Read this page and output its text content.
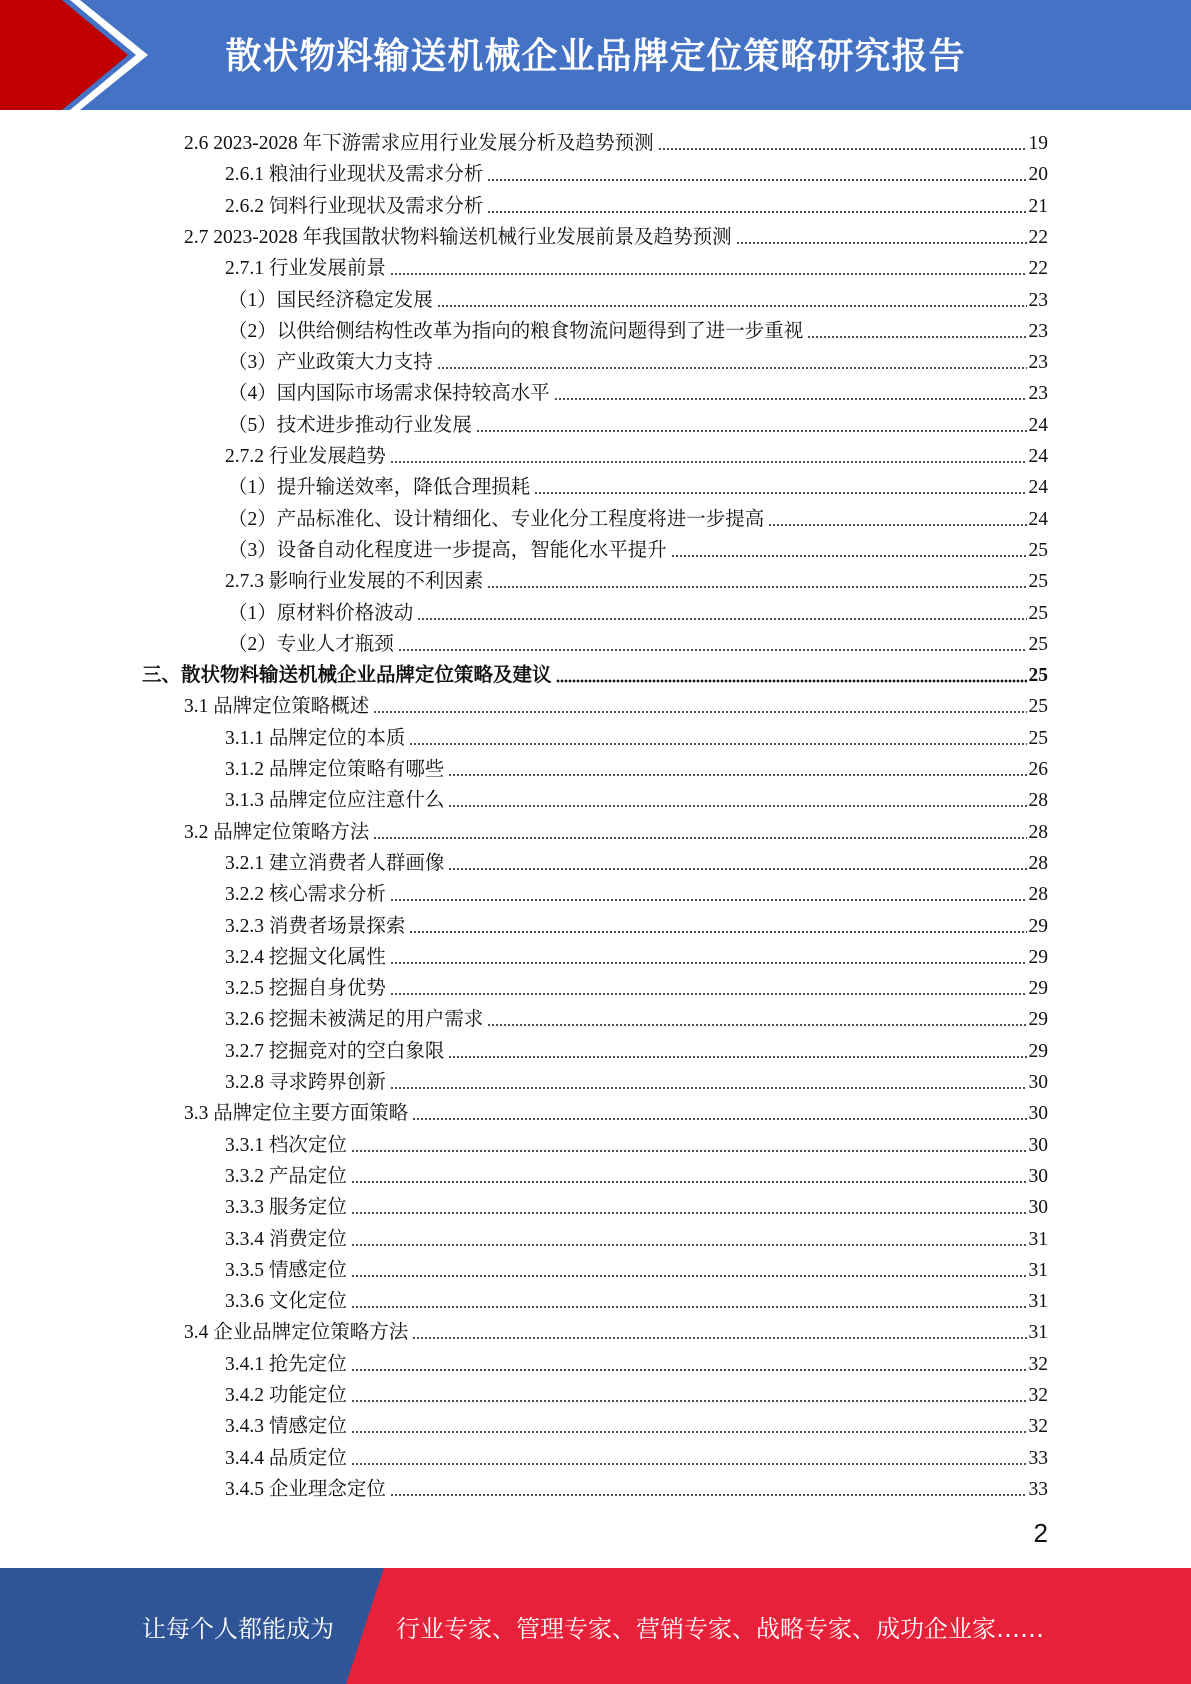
散状物料输送机械企业品牌定位策略研究报告
2.6 2023-2028 年下游需求应用行业发展分析及趋势预测	19
2.6.1 粮油行业现状及需求分析	20
2.6.2 饲料行业现状及需求分析	21
2.7 2023-2028 年我国散状物料输送机械行业发展前景及趋势预测	22
2.7.1 行业发展前景	22
（1）国民经济稳定发展	23
（2）以供给侧结构性改革为指向的粮食物流问题得到了进一步重视	23
（3）产业政策大力支持	23
（4）国内国际市场需求保持较高水平	23
（5）技术进步推动行业发展	24
2.7.2 行业发展趋势	24
（1）提升输送效率，降低合理损耗	24
（2）产品标准化、设计精细化、专业化分工程度将进一步提高	24
（3）设备自动化程度进一步提高，智能化水平提升	25
2.7.3 影响行业发展的不利因素	25
（1）原材料价格波动	25
（2）专业人才瓶颈	25
三、散状物料输送机械企业品牌定位策略及建议	25
3.1 品牌定位策略概述	25
3.1.1 品牌定位的本质	25
3.1.2 品牌定位策略有哪些	26
3.1.3 品牌定位应注意什么	28
3.2 品牌定位策略方法	28
3.2.1 建立消费者人群画像	28
3.2.2 核心需求分析	28
3.2.3 消费者场景探索	29
3.2.4 挖掘文化属性	29
3.2.5 挖掘自身优势	29
3.2.6 挖掘未被满足的用户需求	29
3.2.7 挖掘竞对的空白象限	29
3.2.8 寻求跨界创新	30
3.3 品牌定位主要方面策略	30
3.3.1 档次定位	30
3.3.2 产品定位	30
3.3.3 服务定位	30
3.3.4 消费定位	31
3.3.5 情感定位	31
3.3.6 文化定位	31
3.4 企业品牌定位策略方法	31
3.4.1 抢先定位	32
3.4.2 功能定位	32
3.4.3 情感定位	32
3.4.4 品质定位	33
3.4.5 企业理念定位	33
2
让每个人都能成为	行业专家、管理专家、营销专家、战略专家、成功企业家……
